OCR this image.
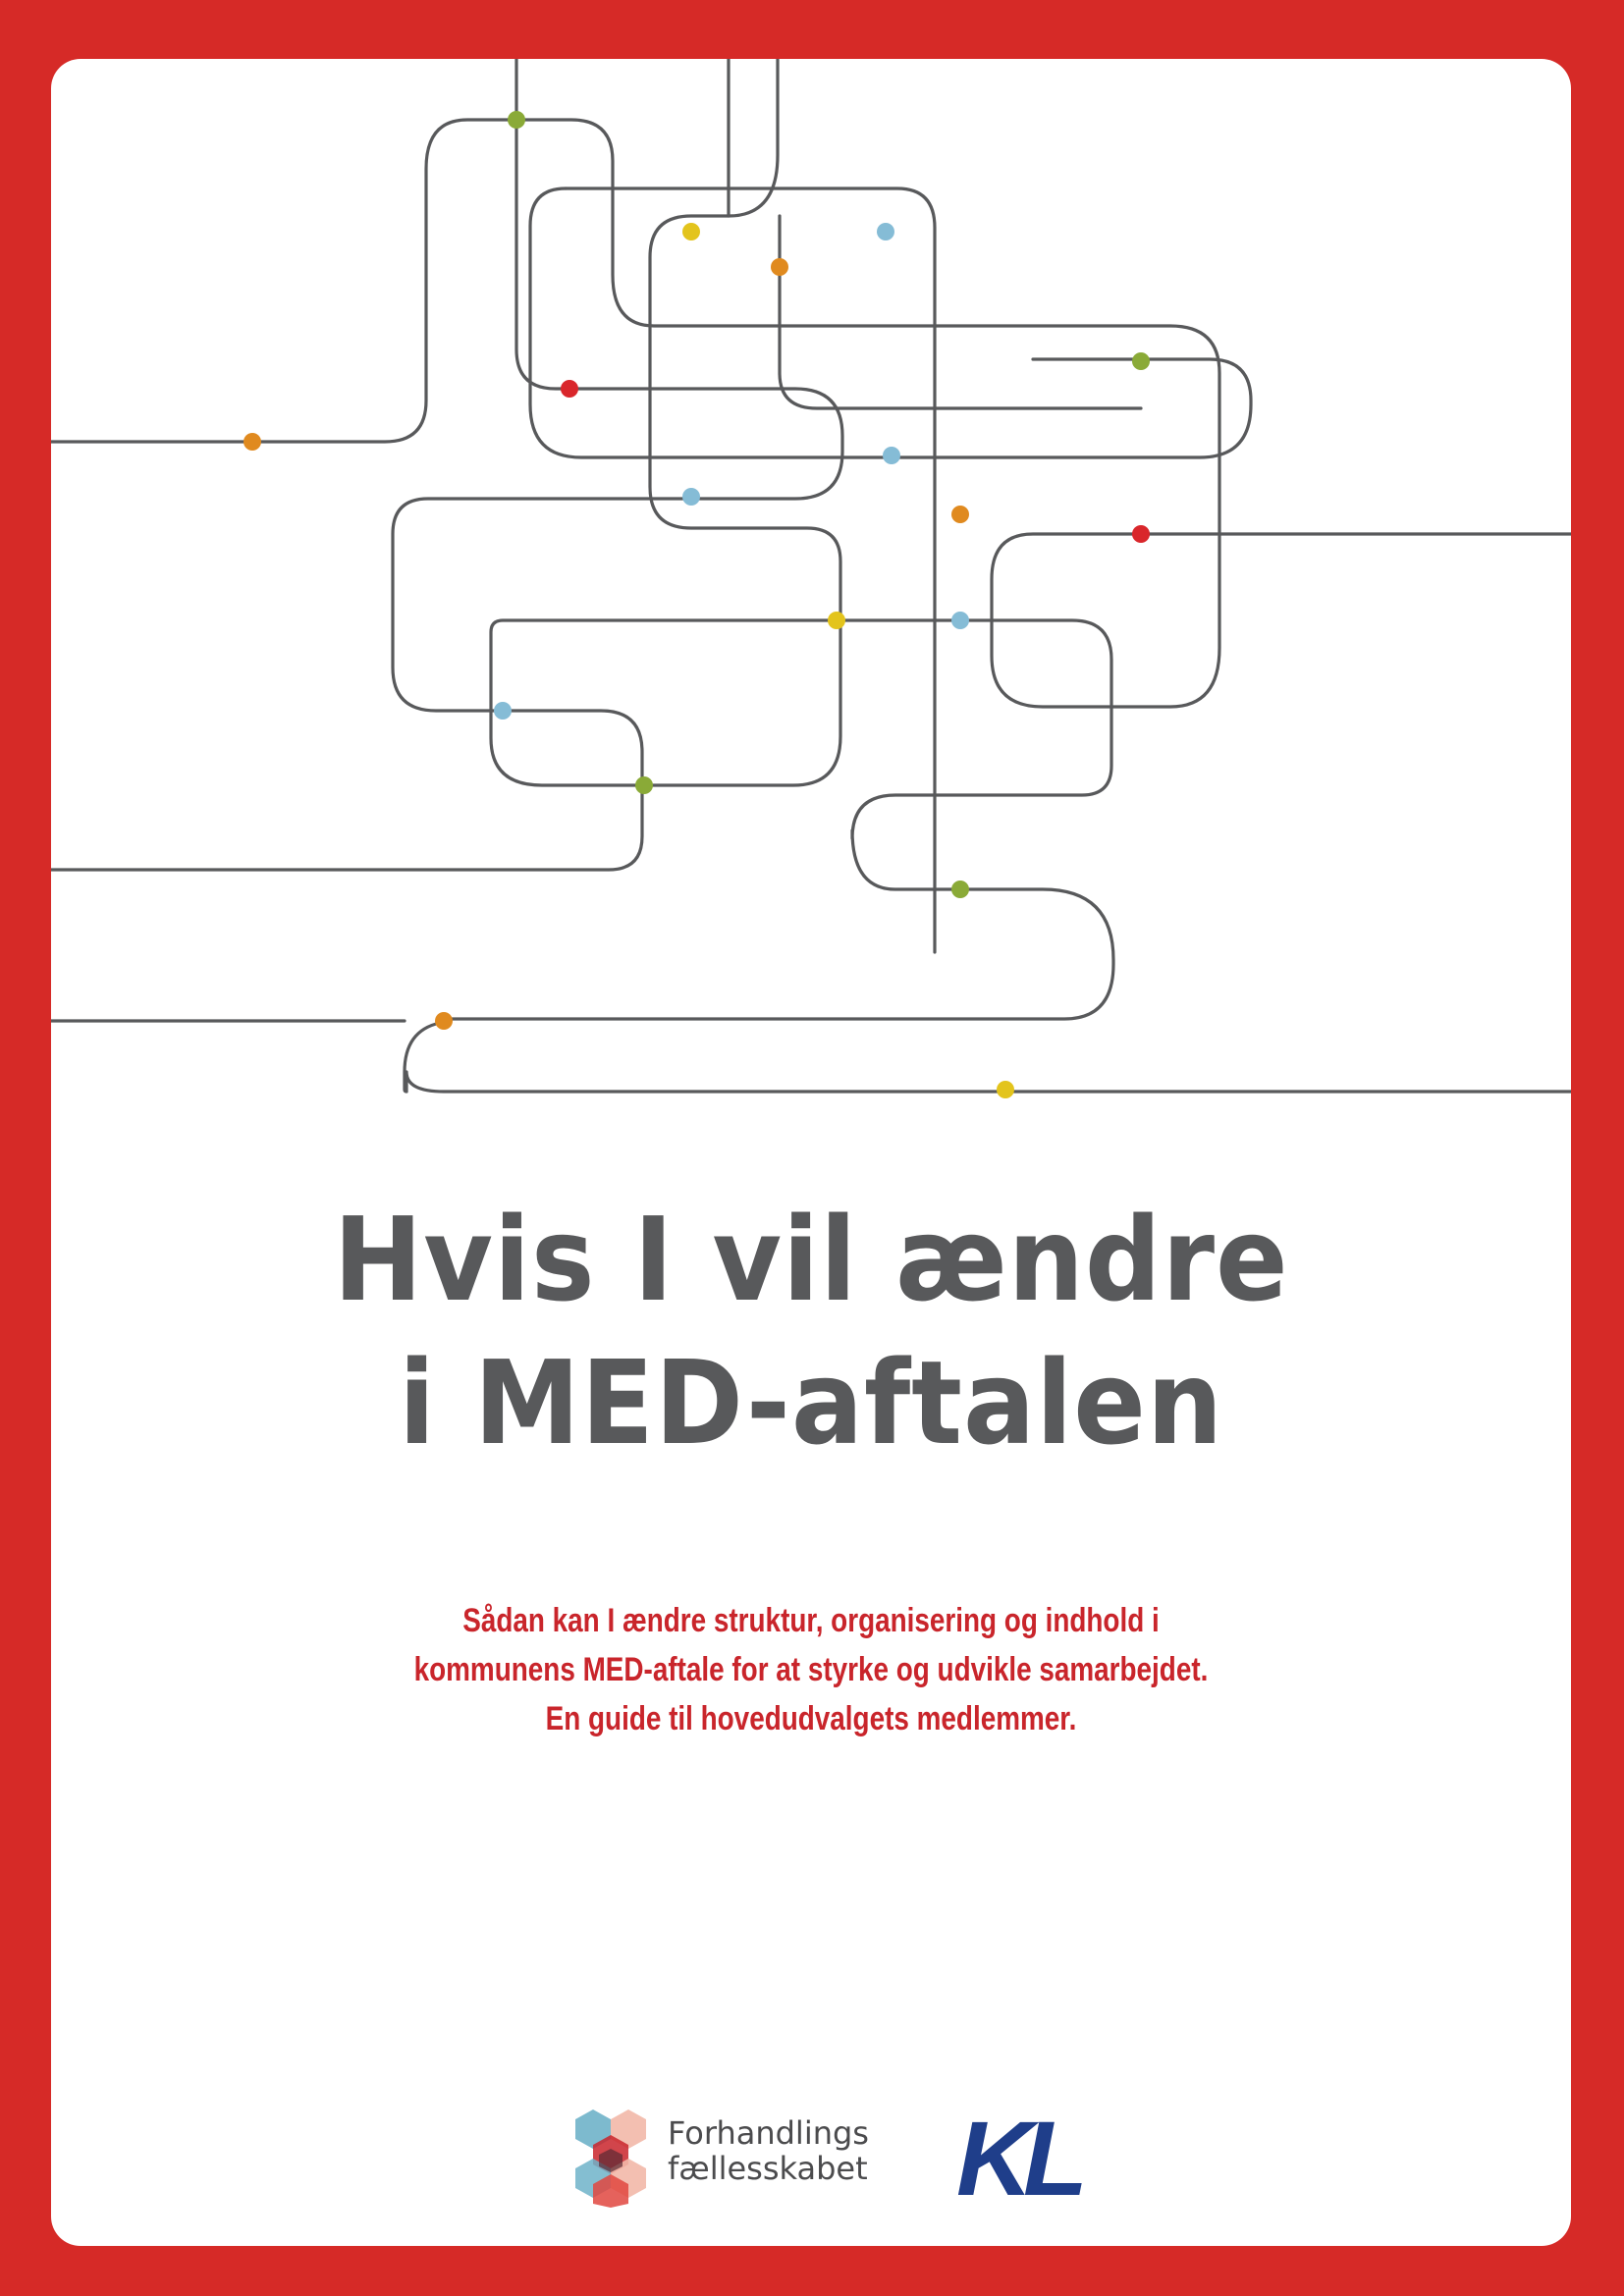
Hvis I vil ændre
i MED-aftalen
Sådan kan I ændre struktur, organisering og indhold i
kommunens MED-aftale for at styrke og udvikle samarbejdet.
En guide til hovedudvalgets medlemmer.
Forhandlings
fællesskabet KL
